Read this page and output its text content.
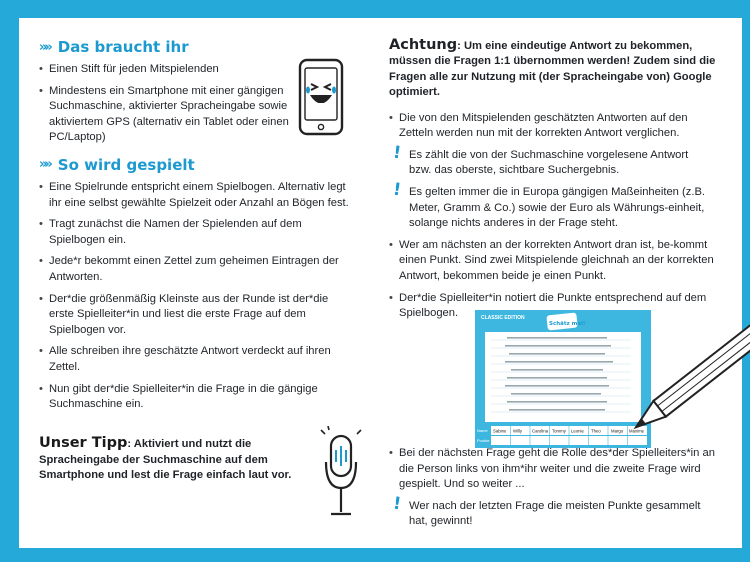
»» Das braucht ihr
• Einen Stift für jeden Mitspielenden
• Mindestens ein Smartphone mit einer gängigen Suchmaschine, aktivierter Spracheingabe sowie aktiviertem GPS (alternativ ein Tablet oder einen PC/Laptop)
»» So wird gespielt
• Eine Spielrunde entspricht einem Spielbogen. Alternativ legt ihr eine selbst gewählte Spielzeit oder Anzahl an Bögen fest.
• Tragt zunächst die Namen der Spielenden auf dem Spielbogen ein.
• Jede*r bekommt einen Zettel zum geheimen Eintragen der Antworten.
• Der*die größenmäßig Kleinste aus der Runde ist der*die erste Spielleiter*in und liest die erste Frage auf dem Spielbogen vor.
• Alle schreiben ihre geschätzte Antwort verdeckt auf ihren Zettel.
• Nun gibt der*die Spielleiter*in die Frage in die gängige Suchmaschine ein.
Unser Tipp: Aktiviert und nutzt die Spracheingabe der Suchmaschine auf dem Smartphone und lest die Frage einfach laut vor.
Achtung: Um eine eindeutige Antwort zu bekommen, müssen die Fragen 1:1 übernommen werden! Zudem sind die Fragen alle zur Nutzung mit (der Spracheingabe von) Google optimiert.
• Die von den Mitspielenden geschätzten Antworten auf den Zetteln werden nun mit der korrekten Antwort verglichen.
! Es zählt die von der Suchmaschine vorgelesene Antwort bzw. das oberste, sichtbare Suchergebnis.
! Es gelten immer die in Europa gängigen Maßeinheiten (z.B. Meter, Gramm & Co.) sowie der Euro als Währungs-einheit, solange nichts anderes in der Frage steht.
• Wer am nächsten an der korrekten Antwort dran ist, be-kommt einen Punkt. Sind zwei Mitspielende gleichnah an der korrekten Antwort, bekommen beide je einen Punkt.
• Der*die Spielleiter*in notiert die Punkte entsprechend auf dem Spielbogen.	CLASSIC EDITION
Schätz mal!
Name
Punkte
Sabine Willy Carolina Tommy Leonie Theo Margo Maxime
• Bei der nächsten Frage geht die Rolle des*der Spielleiters*in an die Person links von ihm*ihr weiter und die zweite Frage wird gespielt. Und so weiter ...
! Wer nach der letzten Frage die meisten Punkte gesammelt hat, gewinnt!
